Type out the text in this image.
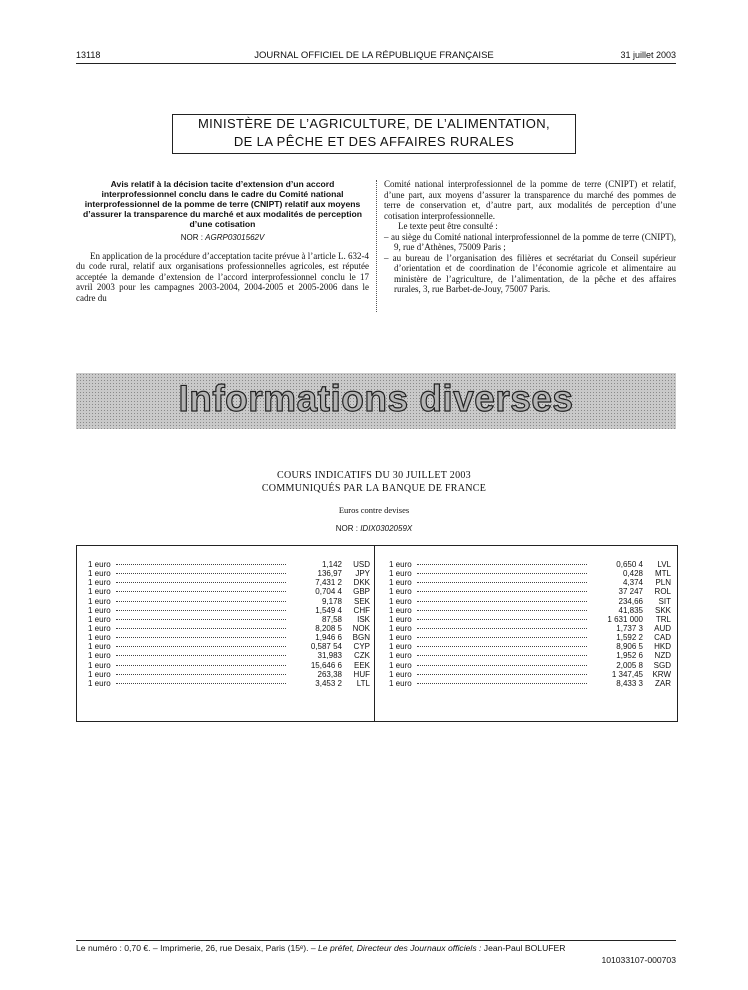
13118	JOURNAL OFFICIEL DE LA RÉPUBLIQUE FRANÇAISE	31 juillet 2003
MINISTÈRE DE L’AGRICULTURE, DE L’ALIMENTATION,
DE LA PÊCHE ET DES AFFAIRES RURALES
Avis relatif à la décision tacite d’extension d’un accord interprofessionnel conclu dans le cadre du Comité national interprofessionnel de la pomme de terre (CNIPT) relatif aux moyens d’assurer la transparence du marché et aux modalités de perception d’une cotisation
NOR : AGRP0301562V
En application de la procédure d’acceptation tacite prévue à l’article L. 632-4 du code rural, relatif aux organisations professionnelles agricoles, est réputée acceptée la demande d’extension de l’accord interprofessionnel conclu le 17 avril 2003 pour les campagnes 2003-2004, 2004-2005 et 2005-2006 dans le cadre du
Comité national interprofessionnel de la pomme de terre (CNIPT) et relatif, d’une part, aux moyens d’assurer la transparence du marché des pommes de terre de conservation et, d’autre part, aux modalités de perception d’une cotisation interprofessionnelle.
Le texte peut être consulté :
– au siège du Comité national interprofessionnel de la pomme de terre (CNIPT), 9, rue d’Athènes, 75009 Paris ;
– au bureau de l’organisation des filières et secrétariat du Conseil supérieur d’orientation et de coordination de l’économie agricole et alimentaire au ministère de l’agriculture, de l’alimentation, de la pêche et des affaires rurales, 3, rue Barbet-de-Jouy, 75007 Paris.
Informations diverses
COURS INDICATIFS DU 30 JUILLET 2003
COMMUNIQUÉS PAR LA BANQUE DE FRANCE
Euros contre devises
NOR : IDIX0302059X
1 euro	1,142	USD
1 euro	136,97	JPY
1 euro	7,431 2	DKK
1 euro	0,704 4	GBP
1 euro	9,178	SEK
1 euro	1,549 4	CHF
1 euro	87,58	ISK
1 euro	8,208 5	NOK
1 euro	1,946 6	BGN
1 euro	0,587 54	CYP
1 euro	31,983	CZK
1 euro	15,646 6	EEK
1 euro	263,38	HUF
1 euro	3,453 2	LTL
1 euro	0,650 4	LVL
1 euro	0,428	MTL
1 euro	4,374	PLN
1 euro	37 247	ROL
1 euro	234,66	SIT
1 euro	41,835	SKK
1 euro	1 631 000	TRL
1 euro	1,737 3	AUD
1 euro	1,592 2	CAD
1 euro	8,906 5	HKD
1 euro	1,952 6	NZD
1 euro	2,005 8	SGD
1 euro	1 347,45	KRW
1 euro	8,433 3	ZAR
Le numéro : 0,70 €. – Imprimerie, 26, rue Desaix, Paris (15ᵉ). – Le préfet, Directeur des Journaux officiels : Jean-Paul BOLUFER
101033107-000703
